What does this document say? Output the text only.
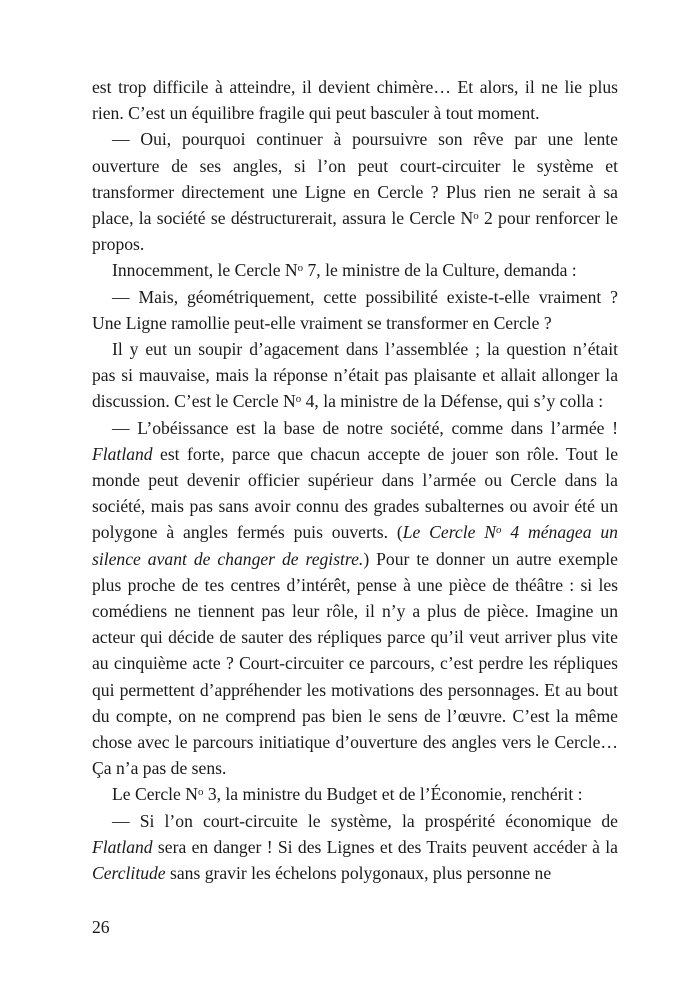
est trop difficile à atteindre, il devient chimère… Et alors, il ne lie plus rien. C’est un équilibre fragile qui peut basculer à tout moment.

— Oui, pourquoi continuer à poursuivre son rêve par une lente ouverture de ses angles, si l’on peut court-circuiter le système et transformer directement une Ligne en Cercle ? Plus rien ne serait à sa place, la société se déstructurerait, assura le Cercle $N^o$ 2 pour renforcer le propos.

Innocemment, le Cercle $N^o$ 7, le ministre de la Culture, demanda :

— Mais, géométriquement, cette possibilité existe-t-elle vraiment ? Une Ligne ramollie peut-elle vraiment se transformer en Cercle ?

Il y eut un soupir d’agacement dans l’assemblée ; la question n’était pas si mauvaise, mais la réponse n’était pas plaisante et allait allonger la discussion. C’est le Cercle $N^o$ 4, la ministre de la Défense, qui s’y colla :

— L’obéissance est la base de notre société, comme dans l’armée ! Flatland est forte, parce que chacun accepte de jouer son rôle. Tout le monde peut devenir officier supérieur dans l’armée ou Cercle dans la société, mais pas sans avoir connu des grades subalternes ou avoir été un polygone à angles fermés puis ouverts. (Le Cercle $N^o$ 4 ménagea un silence avant de changer de registre.) Pour te donner un autre exemple plus proche de tes centres d’intérêt, pense à une pièce de théâtre : si les comédiens ne tiennent pas leur rôle, il n’y a plus de pièce. Imagine un acteur qui décide de sauter des répliques parce qu’il veut arriver plus vite au cinquième acte ? Court-circuiter ce parcours, c’est perdre les répliques qui permettent d’appréhender les motivations des personnages. Et au bout du compte, on ne comprend pas bien le sens de l’œuvre. C’est la même chose avec le parcours initiatique d’ouverture des angles vers le Cercle… Ça n’a pas de sens.

Le Cercle $N^o$ 3, la ministre du Budget et de l’Économie, renchérit :

— Si l’on court-circuite le système, la prospérité économique de Flatland sera en danger ! Si des Lignes et des Traits peuvent accéder à la Cerclitude sans gravir les échelons polygonaux, plus personne ne

26
